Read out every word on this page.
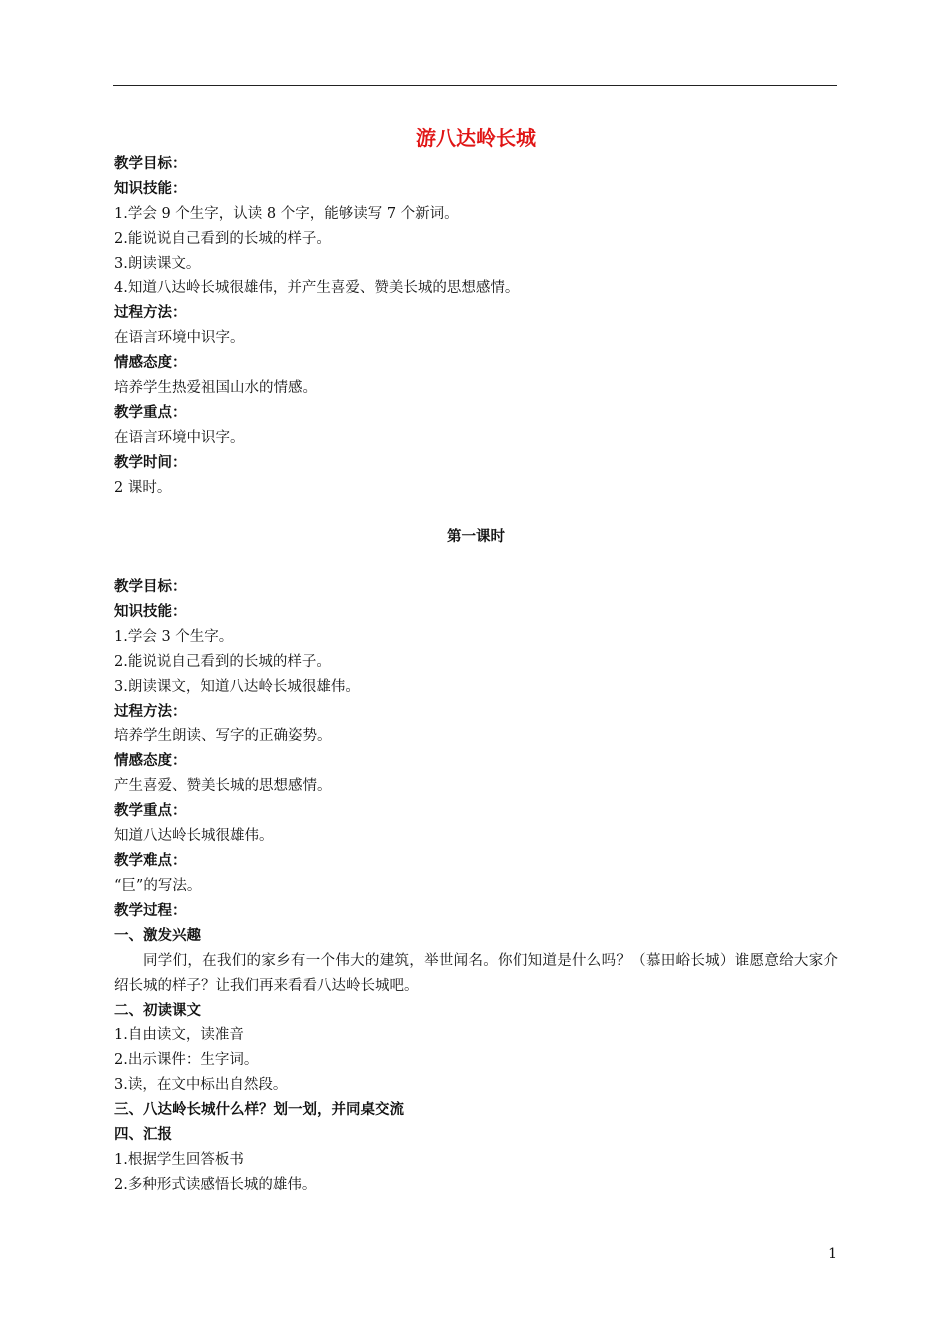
游八达岭长城
教学目标：
知识技能：
1.学会 9 个生字，认读 8 个字，能够读写 7 个新词。
2.能说说自己看到的长城的样子。
3.朗读课文。
4.知道八达岭长城很雄伟，并产生喜爱、赞美长城的思想感情。
过程方法：
在语言环境中识字。
情感态度：
培养学生热爱祖国山水的情感。
教学重点：
在语言环境中识字。
教学时间：
2 课时。
第一课时
教学目标：
知识技能：
1.学会 3 个生字。
2.能说说自己看到的长城的样子。
3.朗读课文，知道八达岭长城很雄伟。
过程方法：
培养学生朗读、写字的正确姿势。
情感态度：
产生喜爱、赞美长城的思想感情。
教学重点：
知道八达岭长城很雄伟。
教学难点：
“巨”的写法。
教学过程：
一、激发兴趣
同学们，在我们的家乡有一个伟大的建筑，举世闻名。你们知道是什么吗？（慕田峪长城）谁愿意给大家介绍长城的样子？让我们再来看看八达岭长城吧。
二、初读课文
1.自由读文，读准音
2.出示课件：生字词。
3.读，在文中标出自然段。
三、八达岭长城什么样？划一划，并同桌交流
四、汇报
1.根据学生回答板书
2.多种形式读感悟长城的雄伟。
1
